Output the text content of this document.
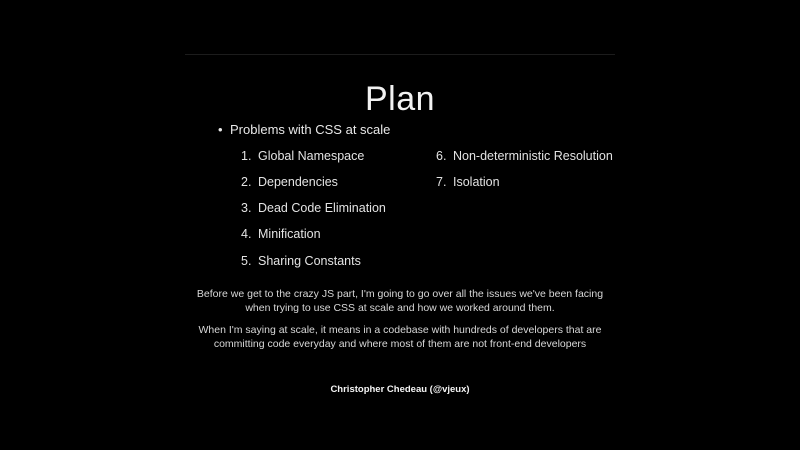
Plan
• Problems with CSS at scale
1. Global Namespace
2. Dependencies
3. Dead Code Elimination
4. Minification
5. Sharing Constants
6. Non-deterministic Resolution
7. Isolation
Before we get to the crazy JS part, I'm going to go over all the issues we've been facing when trying to use CSS at scale and how we worked around them.
When I'm saying at scale, it means in a codebase with hundreds of developers that are committing code everyday and where most of them are not front-end developers
Christopher Chedeau (@vjeux)
